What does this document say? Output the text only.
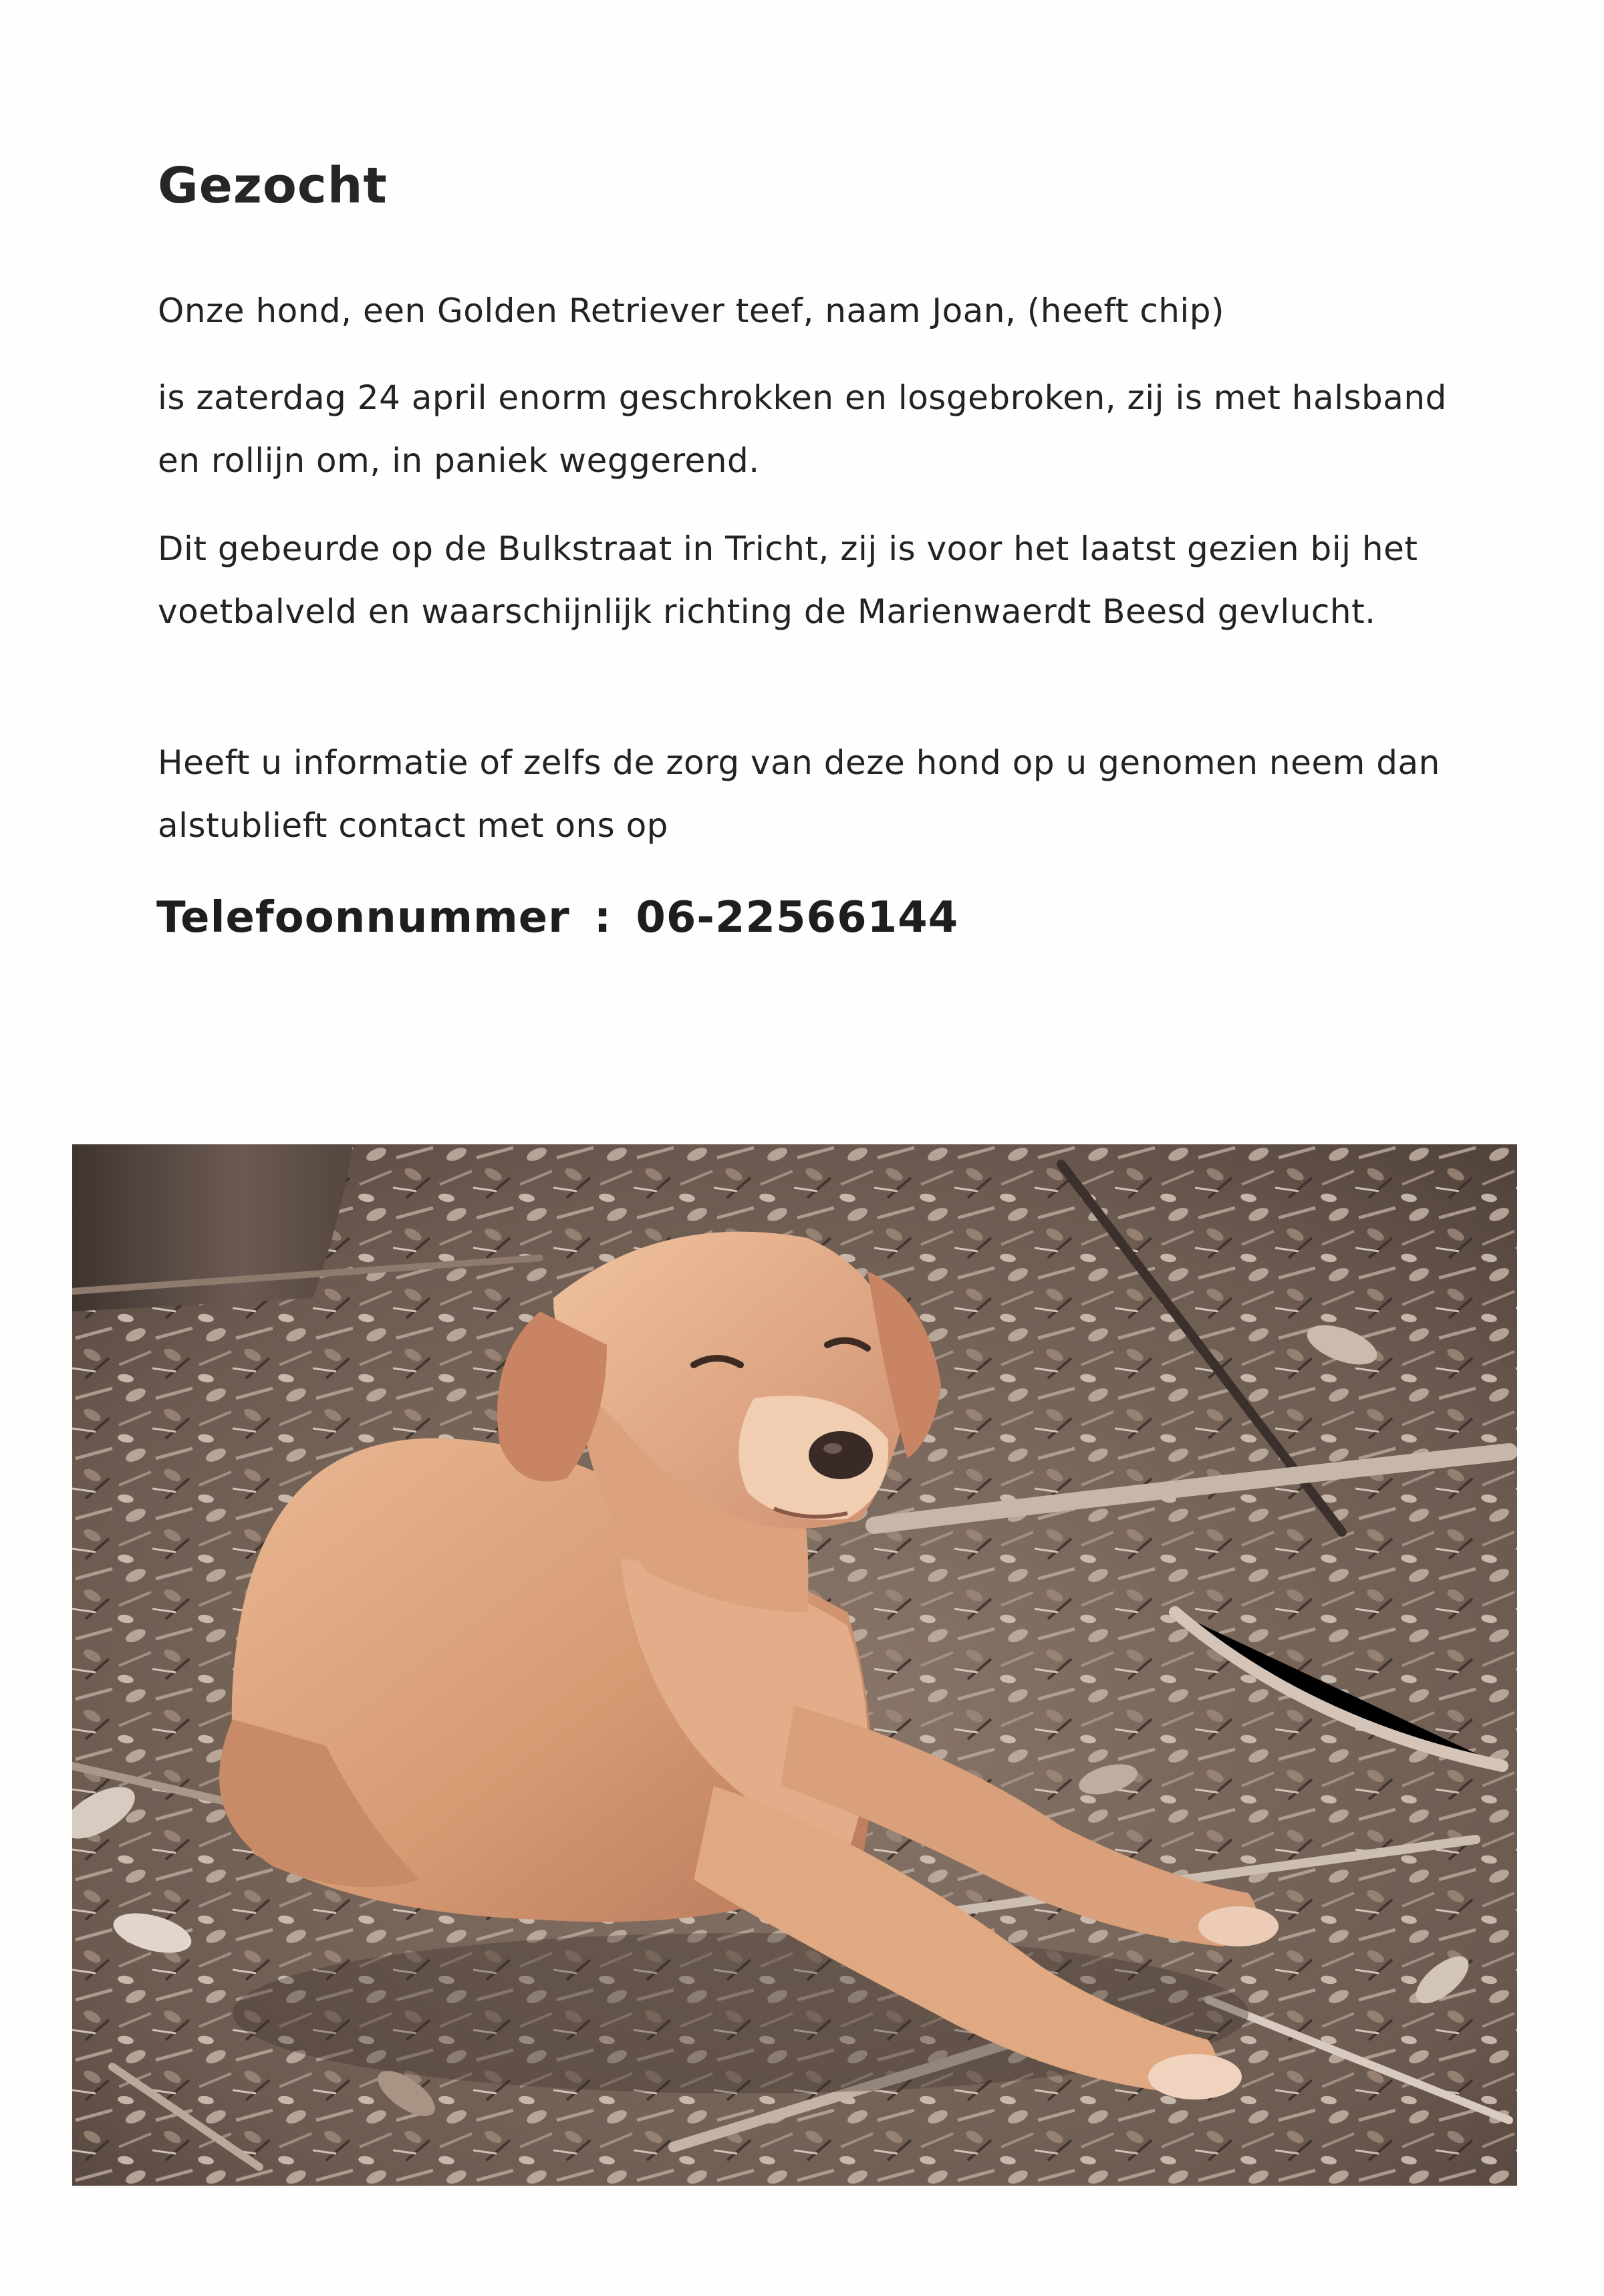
Gezocht

Onze hond, een Golden Retriever teef, naam Joan, (heeft chip)

is zaterdag 24 april enorm geschrokken en losgebroken, zij is met halsband en rollijn om, in paniek weggerend.

Dit gebeurde op de Bulkstraat in Tricht, zij is voor het laatst gezien bij het voetbalveld en waarschijnlijk richting de Marienwaerdt Beesd gevlucht.

Heeft u informatie of zelfs de zorg van deze hond op u genomen neem dan alstublieft contact met ons op

Telefoonnummer : 06-22566144
